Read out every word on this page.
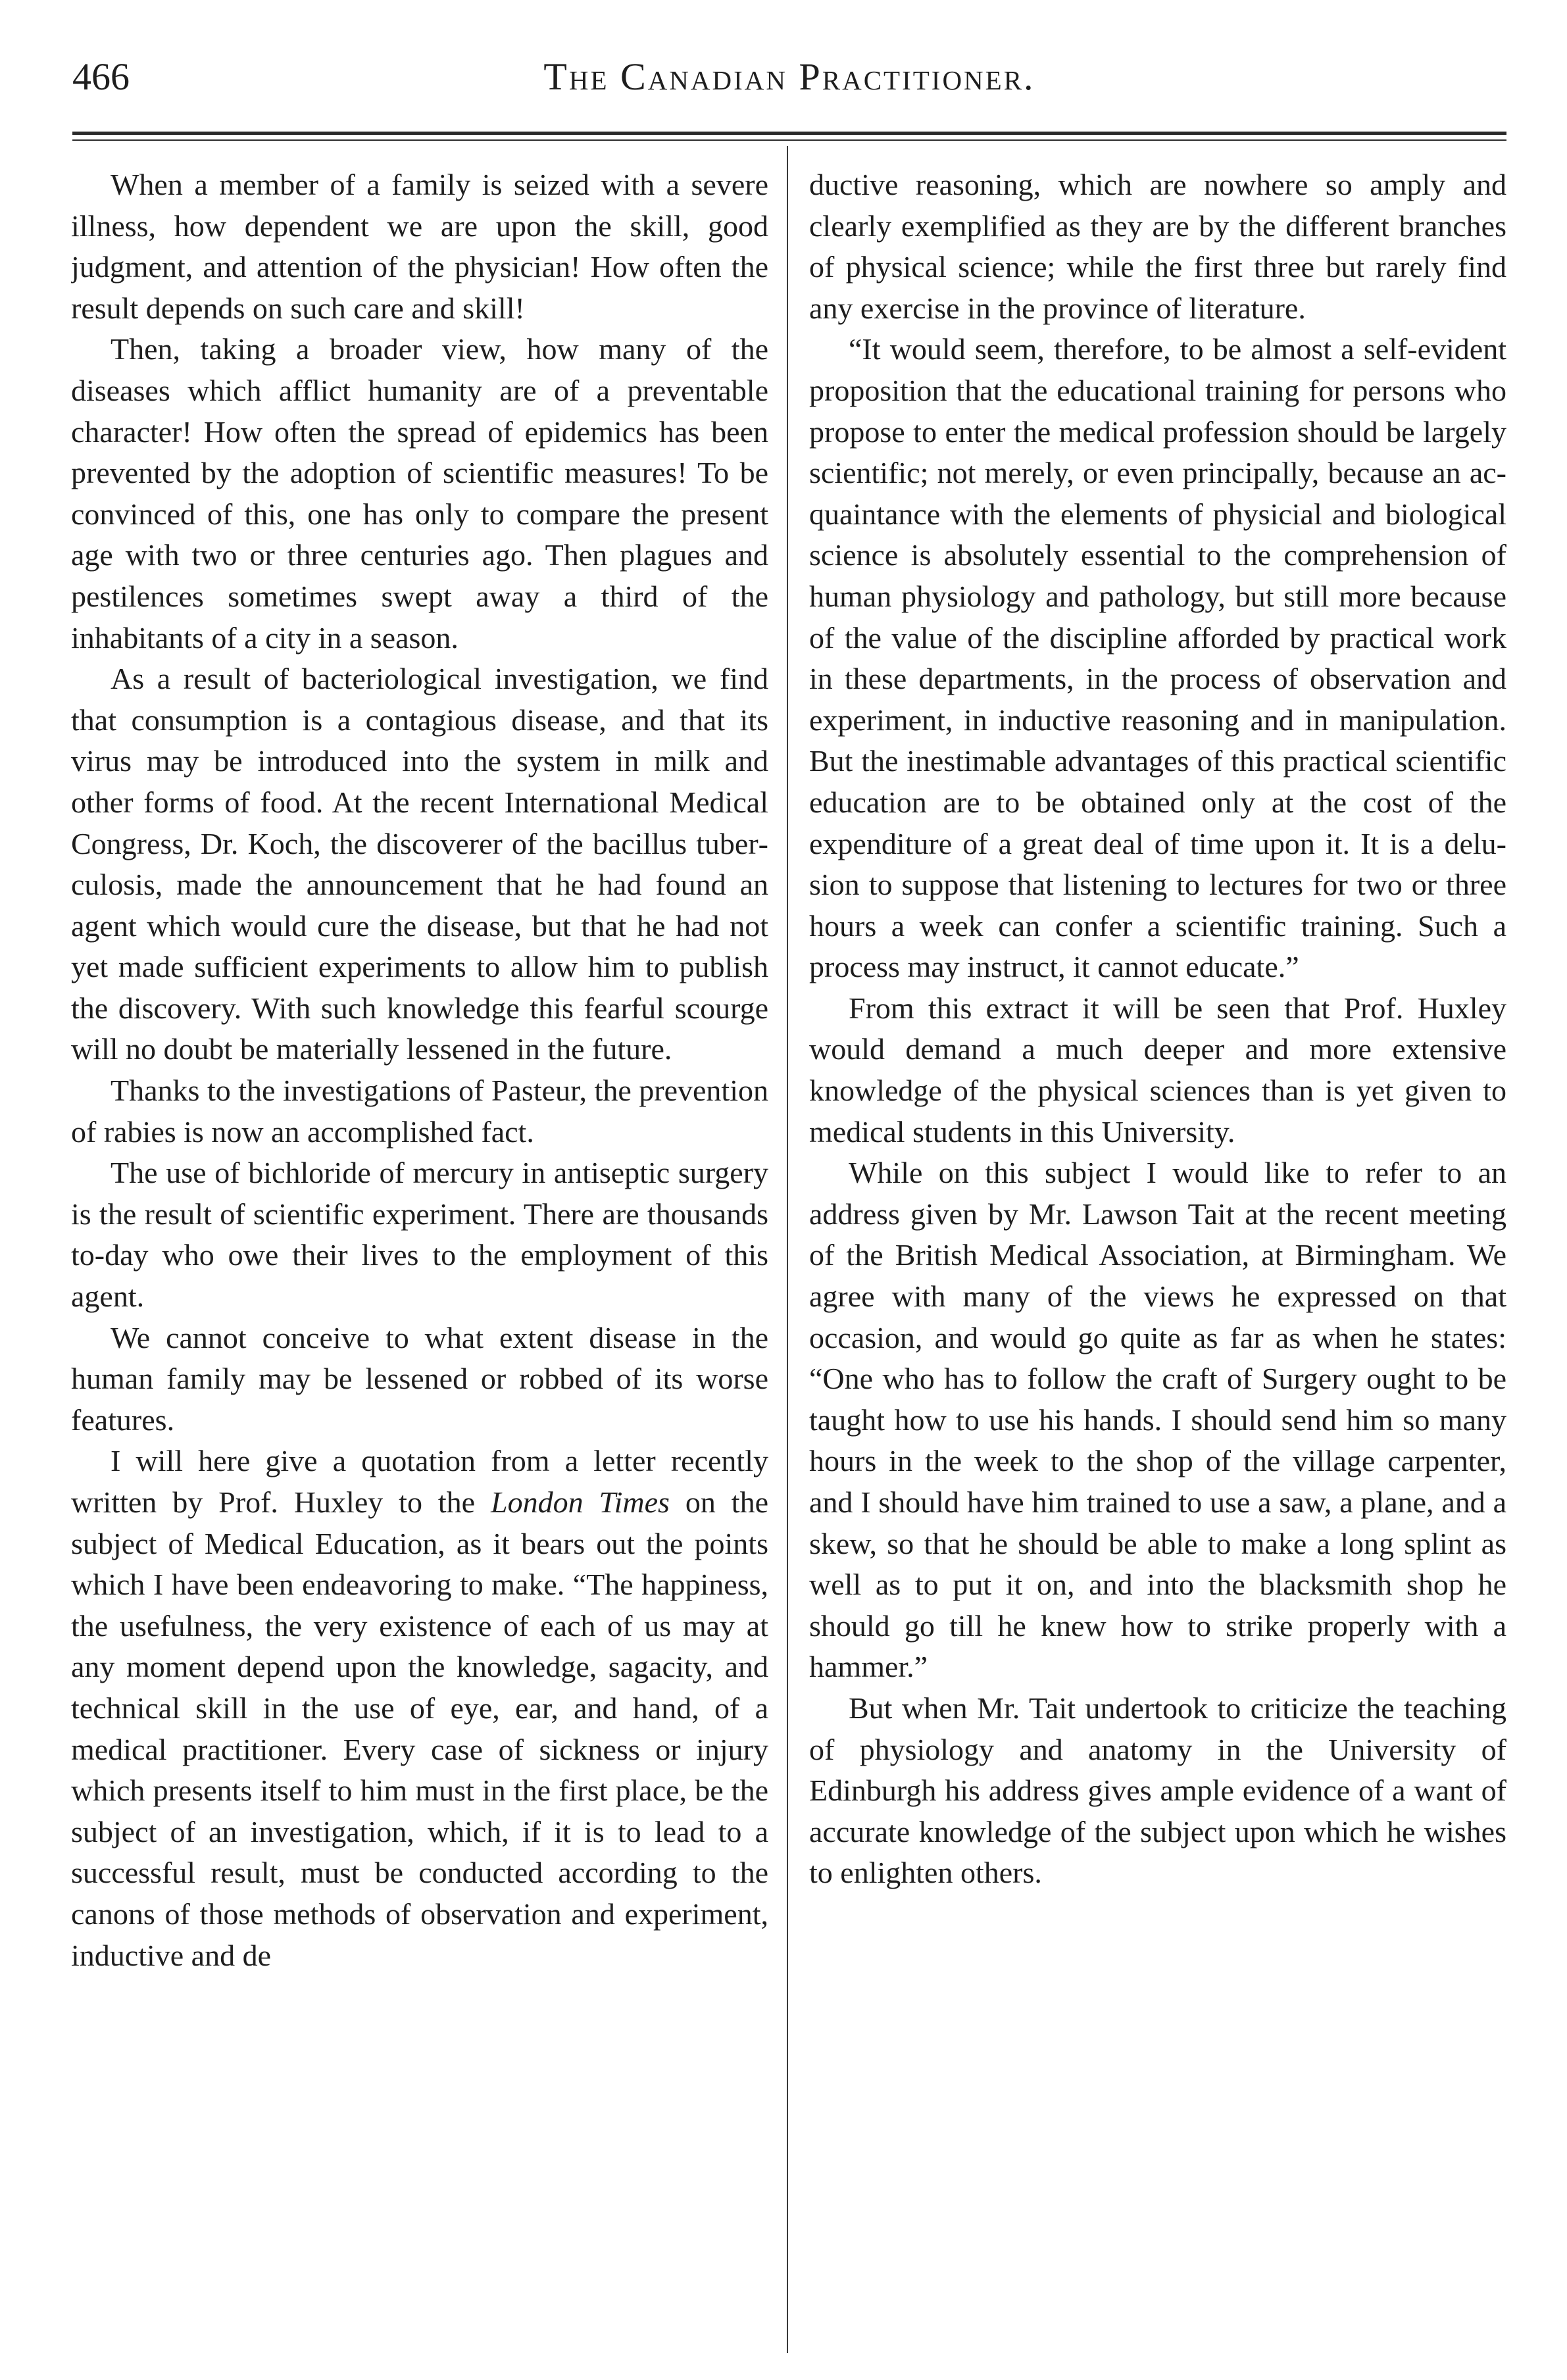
466	The Canadian Practitioner.

When a member of a family is seized with a severe illness, how dependent we are upon the skill, good judgment, and attention of the physician! How often the result depends on such care and skill!

Then, taking a broader view, how many of the diseases which afflict humanity are of a preventable character! How often the spread of epidemics has been prevented by the adoption of scientific measures! To be convinced of this, one has only to compare the present age with two or three centuries ago. Then plagues and pestilences sometimes swept away a third of the inhabitants of a city in a season.

As a result of bacteriological investigation, we find that consumption is a contagious disease, and that its virus may be introduced into the system in milk and other forms of food. At the recent International Medical Congress, Dr. Koch, the discoverer of the bacillus tuberculosis, made the announcement that he had found an agent which would cure the disease, but that he had not yet made sufficient experiments to allow him to publish the discovery. With such knowledge this fearful scourge will no doubt be materially lessened in the future.

Thanks to the investigations of Pasteur, the prevention of rabies is now an accomplished fact.

The use of bichloride of mercury in antiseptic surgery is the result of scientific experiment. There are thousands to-day who owe their lives to the employment of this agent.

We cannot conceive to what extent disease in the human family may be lessened or robbed of its worse features.

I will here give a quotation from a letter recently written by Prof. Huxley to the London Times on the subject of Medical Education, as it bears out the points which I have been endeavoring to make. “The happiness, the usefulness, the very existence of each of us may at any moment depend upon the knowledge, sagacity, and technical skill in the use of eye, ear, and hand, of a medical practitioner. Every case of sickness or injury which presents itself to him must in the first place, be the subject of an investigation, which, if it is to lead to a successful result, must be conducted according to the canons of those methods of observation and experiment, inductive and de

ductive reasoning, which are nowhere so amply and clearly exemplified as they are by the different branches of physical science; while the first three but rarely find any exercise in the province of literature.

“It would seem, therefore, to be almost a self-evident proposition that the educational training for persons who propose to enter the medical profession should be largely scientific; not merely, or even principally, because an acquaintance with the elements of physicial and biological science is absolutely essential to the comprehension of human physiology and pathology, but still more because of the value of the discipline afforded by practical work in these departments, in the process of observation and experiment, in inductive reasoning and in manipulation. But the inestimable advantages of this practical scientific education are to be obtained only at the cost of the expenditure of a great deal of time upon it. It is a delusion to suppose that listening to lectures for two or three hours a week can confer a scientific training. Such a process may instruct, it cannot educate.”

From this extract it will be seen that Prof. Huxley would demand a much deeper and more extensive knowledge of the physical sciences than is yet given to medical students in this University.

While on this subject I would like to refer to an address given by Mr. Lawson Tait at the recent meeting of the British Medical Association, at Birmingham. We agree with many of the views he expressed on that occasion, and would go quite as far as when he states: “One who has to follow the craft of Surgery ought to be taught how to use his hands. I should send him so many hours in the week to the shop of the village carpenter, and I should have him trained to use a saw, a plane, and a skew, so that he should be able to make a long splint as well as to put it on, and into the blacksmith shop he should go till he knew how to strike properly with a hammer.”

But when Mr. Tait undertook to criticize the teaching of physiology and anatomy in the University of Edinburgh his address gives ample evidence of a want of accurate knowledge of the subject upon which he wishes to enlighten others.
